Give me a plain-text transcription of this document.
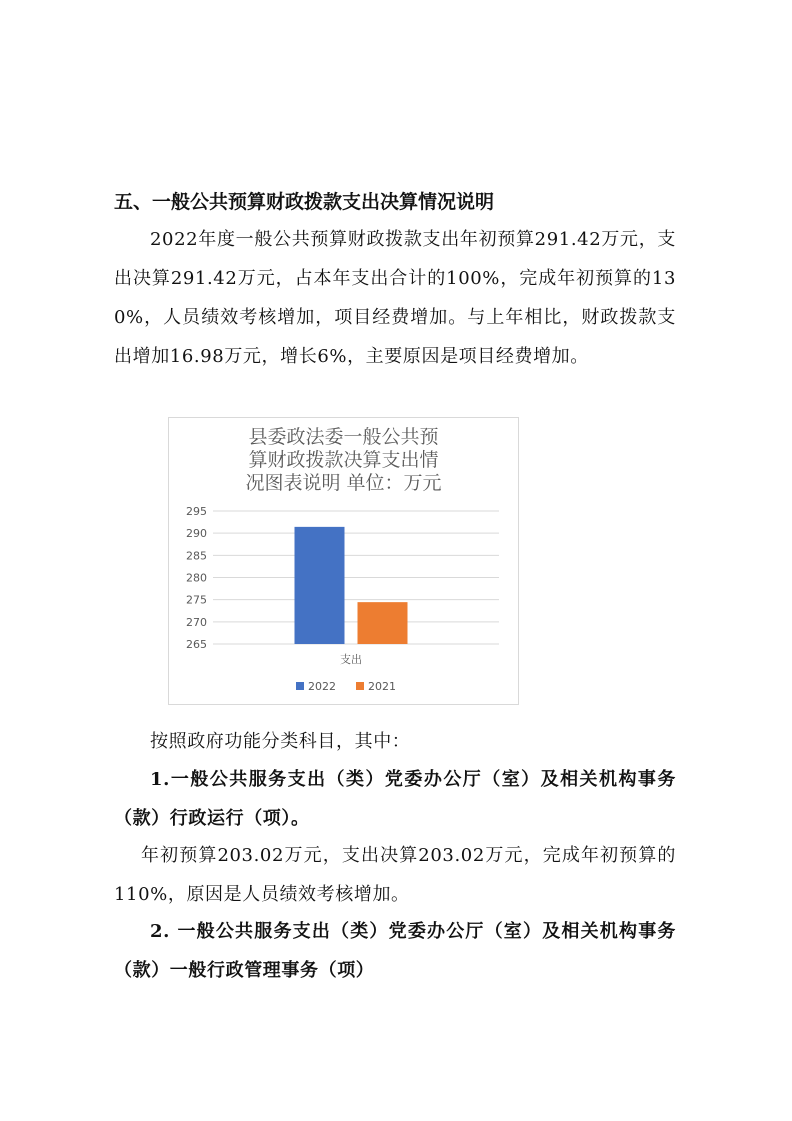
五、一般公共预算财政拨款支出决算情况说明
2022年度一般公共预算财政拨款支出年初预算291.42万元，支出决算291.42万元，占本年支出合计的100%，完成年初预算的130%，人员绩效考核增加，项目经费增加。与上年相比，财政拨款支出增加16.98万元，增长6%，主要原因是项目经费增加。
县委政法委一般公共预
算财政拨款决算支出情
况图表说明 单位：万元
265
270
275
280
285
290
295
支出
2022	2021
按照政府功能分类科目，其中：
1.一般公共服务支出（类）党委办公厅（室）及相关机构事务（款）行政运行（项）。
年初预算203.02万元，支出决算203.02万元，完成年初预算的110%，原因是人员绩效考核增加。
2. 一般公共服务支出（类）党委办公厅（室）及相关机构事务（款）一般行政管理事务（项）
